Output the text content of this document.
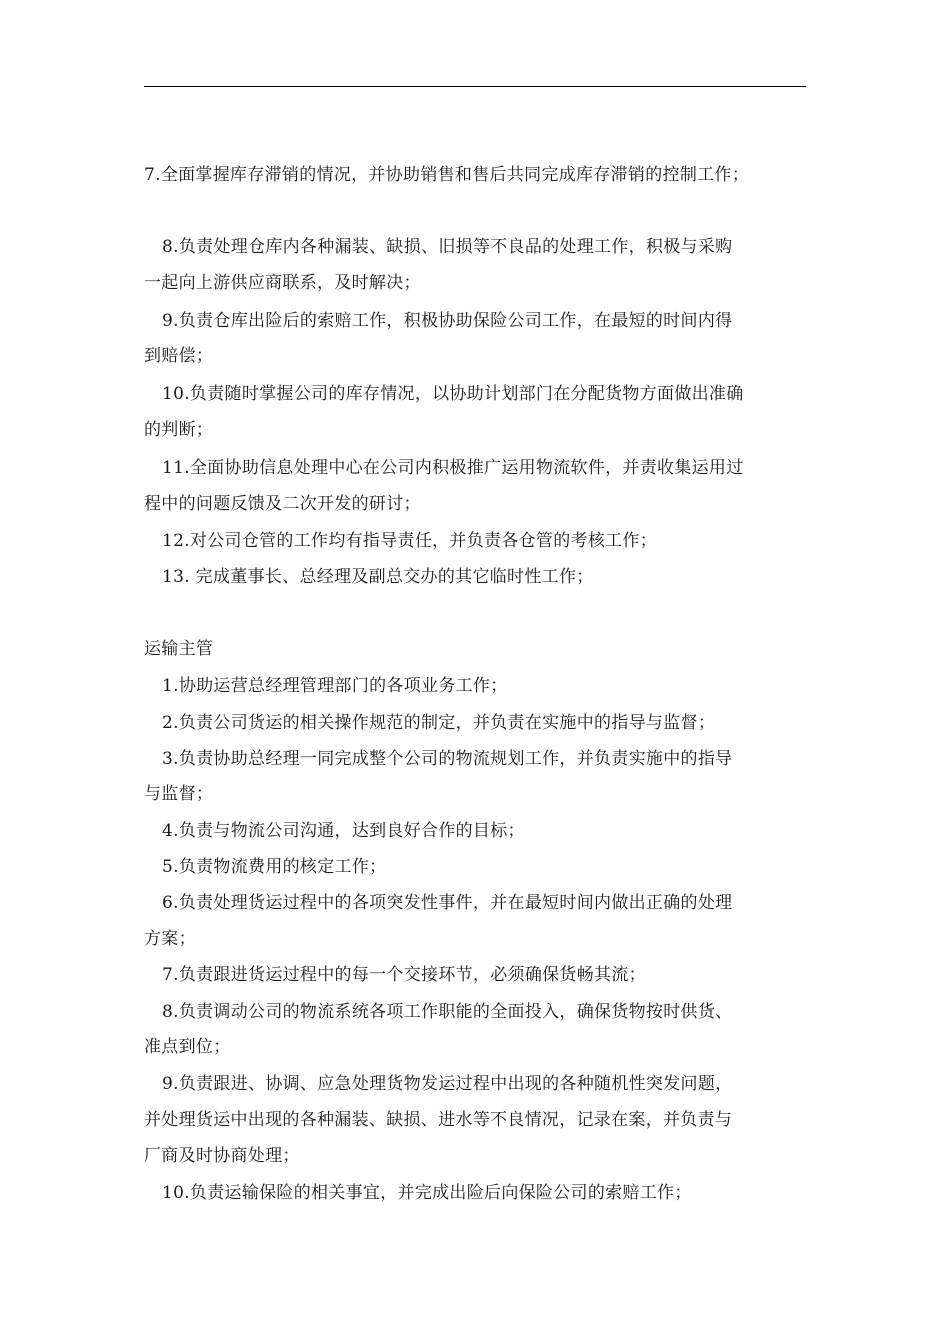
7.全面掌握库存滞销的情况，并协助销售和售后共同完成库存滞销的控制工作；
8.负责处理仓库内各种漏装、缺损、旧损等不良品的处理工作，积极与采购
一起向上游供应商联系，及时解决；
9.负责仓库出险后的索赔工作，积极协助保险公司工作，在最短的时间内得
到赔偿；
10.负责随时掌握公司的库存情况，以协助计划部门在分配货物方面做出准确
的判断；
11.全面协助信息处理中心在公司内积极推广运用物流软件，并责收集运用过
程中的问题反馈及二次开发的研讨；
12.对公司仓管的工作均有指导责任，并负责各仓管的考核工作；
13. 完成董事长、总经理及副总交办的其它临时性工作；
运输主管
1.协助运营总经理管理部门的各项业务工作；
2.负责公司货运的相关操作规范的制定，并负责在实施中的指导与监督；
3.负责协助总经理一同完成整个公司的物流规划工作，并负责实施中的指导
与监督；
4.负责与物流公司沟通，达到良好合作的目标；
5.负责物流费用的核定工作；
6.负责处理货运过程中的各项突发性事件，并在最短时间内做出正确的处理
方案；
7.负责跟进货运过程中的每一个交接环节，必须确保货畅其流；
8.负责调动公司的物流系统各项工作职能的全面投入，确保货物按时供货、
准点到位；
9.负责跟进、协调、应急处理货物发运过程中出现的各种随机性突发问题，
并处理货运中出现的各种漏装、缺损、进水等不良情况，记录在案，并负责与
厂商及时协商处理；
10.负责运输保险的相关事宜，并完成出险后向保险公司的索赔工作；
